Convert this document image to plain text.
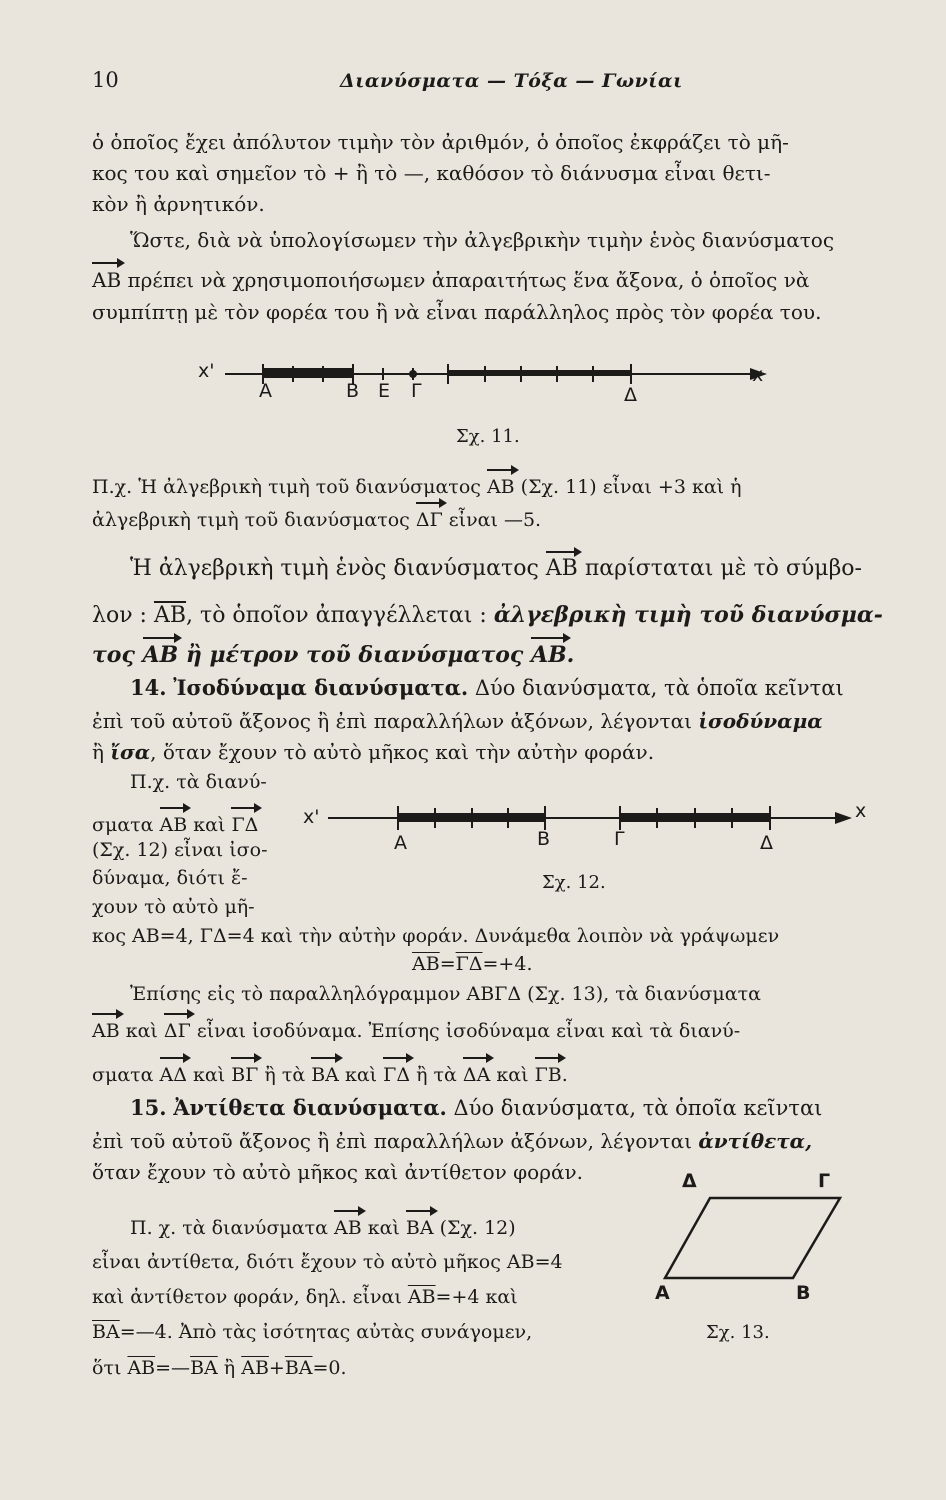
10	Διανύσματα — Τόξα — Γωνίαι
ὁ ὁποῖος ἔχει ἀπόλυτον τιμὴν τὸν ἀριθμόν, ὁ ὁποῖος ἐκφράζει τὸ μῆ-
κος του καὶ σημεῖον τὸ + ἢ τὸ —, καθόσον τὸ διάνυσμα εἶναι θετι-
κὸν ἢ ἀρνητικόν.
Ὥστε, διὰ νὰ ὑπολογίσωμεν τὴν ἀλγεβρικὴν τιμὴν ἑνὸς διανύσματος
AB πρέπει νὰ χρησιμοποιήσωμεν ἀπαραιτήτως ἕνα ἄξονα, ὁ ὁποῖος νὰ
συμπίπτῃ μὲ τὸν φορέα του ἢ νὰ εἶναι παράλληλος πρὸς τὸν φορέα του.
x'	x
A	B E Γ	Δ
Σχ. 11.
Π.χ. Ἡ ἀλγεβρικὴ τιμὴ τοῦ διανύσματος AB (Σχ. 11) εἶναι +3 καὶ ἡ
ἀλγεβρικὴ τιμὴ τοῦ διανύσματος ΔΓ εἶναι —5.
Ἡ ἀλγεβρικὴ τιμὴ ἑνὸς διανύσματος AB παρίσταται μὲ τὸ σύμβο-
λον : $\overline{AB}$, τὸ ὁποῖον ἀπαγγέλλεται : ἀλγεβρικὴ τιμὴ τοῦ διανύσμα-
τος AB ἢ μέτρον τοῦ διανύσματος AB.
14. Ἰσοδύναμα διανύσματα. Δύο διανύσματα, τὰ ὁποῖα κεῖνται
ἐπὶ τοῦ αὐτοῦ ἄξονος ἢ ἐπὶ παραλλήλων ἀξόνων, λέγονται ἰσοδύναμα
ἢ ἴσα, ὅταν ἔχουν τὸ αὐτὸ μῆκος καὶ τὴν αὐτὴν φοράν.
Π.χ. τὰ διανύ-
σματα AB καὶ ΓΔ
(Σχ. 12) εἶναι ἰσο-
δύναμα, διότι ἔ-
χουν τὸ αὐτὸ μῆ-
x'	x
A	B	Γ	Δ
Σχ. 12.
κος AB=4, ΓΔ=4 καὶ τὴν αὐτὴν φοράν. Δυνάμεθα λοιπὸν νὰ γράψωμεν
$\overline{AB}=\overline{\Gamma\Delta}=+4$.
Ἐπίσης εἰς τὸ παραλληλόγραμμον ΑΒΓΔ (Σχ. 13), τὰ διανύσματα
AB καὶ ΔΓ εἶναι ἰσοδύναμα. Ἐπίσης ἰσοδύναμα εἶναι καὶ τὰ διανύ-
σματα AΔ καὶ BΓ ἢ τὰ BA καὶ ΓΔ ἢ τὰ ΔA καὶ ΓB.
15. Ἀντίθετα διανύσματα. Δύο διανύσματα, τὰ ὁποῖα κεῖνται
ἐπὶ τοῦ αὐτοῦ ἄξονος ἢ ἐπὶ παραλλήλων ἀξόνων, λέγονται ἀντίθετα,
ὅταν ἔχουν τὸ αὐτὸ μῆκος καὶ ἀντίθετον φοράν.
Π. χ. τὰ διανύσματα AB καὶ BA (Σχ. 12)
εἶναι ἀντίθετα, διότι ἔχουν τὸ αὐτὸ μῆκος AB=4
καὶ ἀντίθετον φοράν, δηλ. εἶναι $\overline{AB}=+4$ καὶ
$\overline{BA}=—4$. Ἀπὸ τὰς ἰσότητας αὐτὰς συνάγομεν,
ὅτι $\overline{AB}=—\overline{BA}$ ἢ $\overline{AB}+\overline{BA}=0$.
Δ	Γ
A	B
Σχ. 13.
